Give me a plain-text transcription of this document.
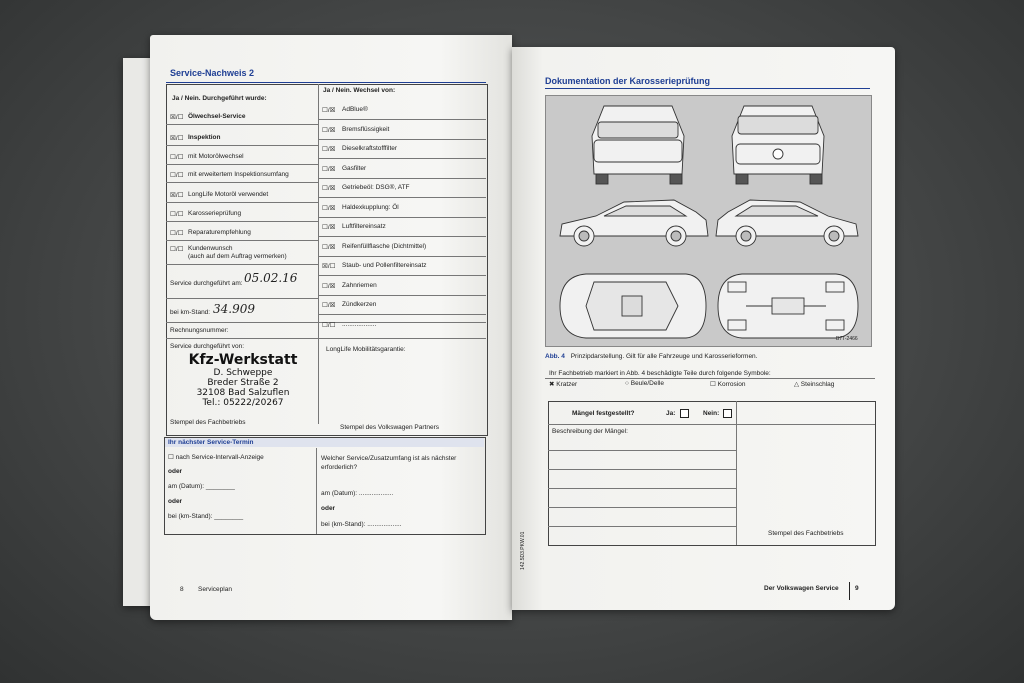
Service-Nachweis 2
Ja / Nein. Durchgeführt wurde:
Ja / Nein. Wechsel von:
Service durchgeführt am: 05.02.16
bei km-Stand: 34.909
Rechnungsnummer:
Service durchgeführt von:	LongLife Mobilitätsgarantie:
Kfz-Werkstatt
D. Schweppe
Breder Straße 2
32108 Bad Salzuflen
Tel.: 05222/20267
Stempel des Fachbetriebs
Stempel des Volkswagen Partners
Ihr nächster Service-Termin
8 Serviceplan
Dokumentation der Karosserieprüfung
B7T-2466
Abb. 4 Prinzipdarstellung. Gilt für alle Fahrzeuge und Karosserieformen.
Ihr Fachbetrieb markiert in Abb. 4 beschädigte Teile durch folgende Symbole:
Mängel festgestellt?	Ja:	Nein:
Beschreibung der Mängel:
Stempel des Fachbetriebs
142.5D3.PKW.01
Der Volkswagen Service	9
☒/☐ Ölwechsel-Service
☒/☐ Inspektion
☐/☐ mit Motorölwechsel
☐/☐ mit erweitertem Inspektionsumfang
☒/☐ LongLife Motoröl verwendet
☐/☐ Karosserieprüfung
☐/☐ Reparaturempfehlung
☐/☐ Kundenwunsch
(auch auf dem Auftrag vermerken)
☐/☒ AdBlue®
☐/☒ Bremsflüssigkeit
☐/☒ Dieselkraftstofffilter
☐/☒ Gasfilter
☐/☒ Getriebeöl: DSG®, ATF
☐/☒ Haldexkupplung: Öl
☐/☒ Luftfiltereinsatz
☐/☒ Reifenfüllflasche (Dichtmittel)
☒/☐ Staub- und Pollenfiltereinsatz
☐/☒ Zahnriemen
☐/☒ Zündkerzen
☐/☐ ...................
☐ nach Service-Intervall-Anzeige
oder
am (Datum): ________
oder
bei (km-Stand): ________
Welcher Service/Zusatzumfang ist als nächster
erforderlich?
am (Datum): ...................
oder
bei (km-Stand): ...................
✖ Kratzer	○ Beule/Delle	☐ Korrosion	△ Steinschlag
